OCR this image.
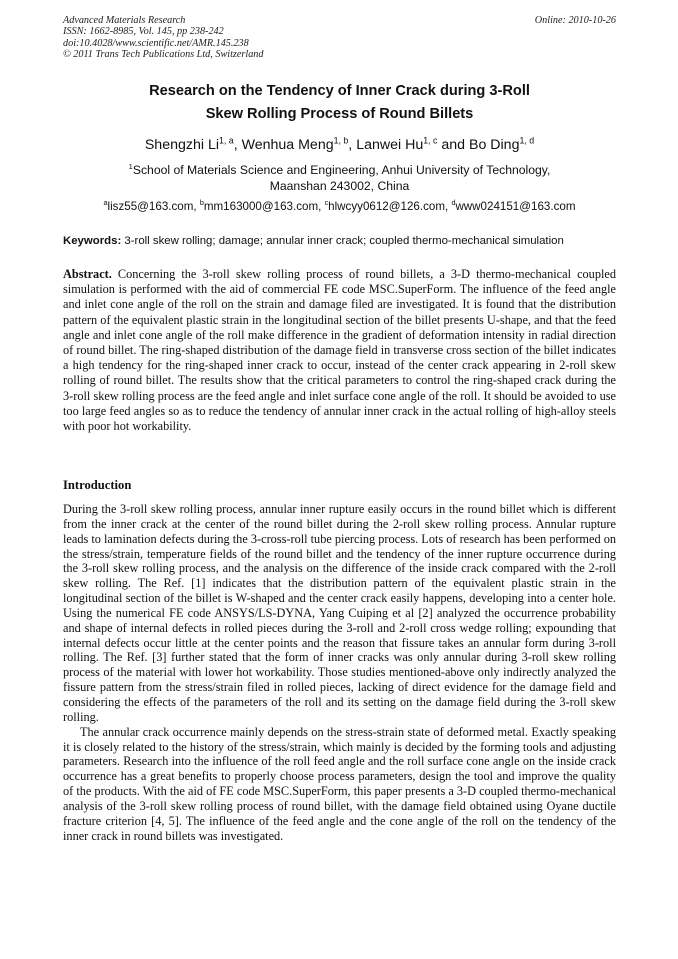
Advanced Materials Research
ISSN: 1662-8985, Vol. 145, pp 238-242
doi:10.4028/www.scientific.net/AMR.145.238
© 2011 Trans Tech Publications Ltd, Switzerland
Online: 2010-10-26
Research on the Tendency of Inner Crack during 3-Roll
Skew Rolling Process of Round Billets
Shengzhi Li$^{1, a}$, Wenhua Meng$^{1, b}$, Lanwei Hu$^{1, c}$ and Bo Ding$^{1, d}$
$^1$School of Materials Science and Engineering, Anhui University of Technology,
Maanshan 243002, China
$^a$lisz55@163.com, $^b$mm163000@163.com, $^c$hlwcyy0612@126.com, $^d$www024151@163.com
Keywords: 3-roll skew rolling; damage; annular inner crack; coupled thermo-mechanical simulation
Abstract. Concerning the 3-roll skew rolling process of round billets, a 3-D thermo-mechanical coupled simulation is performed with the aid of commercial FE code MSC.SuperForm. The influence of the feed angle and inlet cone angle of the roll on the strain and damage filed are investigated. It is found that the distribution pattern of the equivalent plastic strain in the longitudinal section of the billet presents U-shape, and that the feed angle and inlet cone angle of the roll make difference in the gradient of deformation intensity in radial direction of round billet. The ring-shaped distribution of the damage field in transverse cross section of the billet indicates a high tendency for the ring-shaped inner crack to occur, instead of the center crack appearing in 2-roll skew rolling of round billet. The results show that the critical parameters to control the ring-shaped crack during the 3-roll skew rolling process are the feed angle and inlet surface cone angle of the roll. It should be avoided to use too large feed angles so as to reduce the tendency of annular inner crack in the actual rolling of high-alloy steels with poor hot workability.
Introduction

During the 3-roll skew rolling process, annular inner rupture easily occurs in the round billet which is different from the inner crack at the center of the round billet during the 2-roll skew rolling process. Annular rupture leads to lamination defects during the 3-cross-roll tube piercing process. Lots of research has been performed on the stress/strain, temperature fields of the round billet and the tendency of the inner rupture occurrence during the 3-roll skew rolling process, and the analysis on the difference of the inside crack compared with the 2-roll skew rolling. The Ref. [1] indicates that the distribution pattern of the equivalent plastic strain in the longitudinal section of the billet is W-shaped and the center crack easily happens, developing into a center hole. Using the numerical FE code ANSYS/LS-DYNA, Yang Cuiping et al [2] analyzed the occurrence probability and shape of internal defects in rolled pieces during the 3-roll and 2-roll cross wedge rolling; expounding that internal defects occur little at the center points and the reason that fissure takes an annular form during 3-roll rolling. The Ref. [3] further stated that the form of inner cracks was only annular during 3-roll skew rolling process of the material with lower hot workability. Those studies mentioned-above only indirectly analyzed the fissure pattern from the stress/strain filed in rolled pieces, lacking of direct evidence for the damage field and considering the effects of the parameters of the roll and its setting on the damage field during the 3-roll skew rolling.

The annular crack occurrence mainly depends on the stress-strain state of deformed metal. Exactly speaking it is closely related to the history of the stress/strain, which mainly is decided by the forming tools and adjusting parameters. Research into the influence of the roll feed angle and the roll surface cone angle on the inside crack occurrence has a great benefits to properly choose process parameters, design the tool and improve the quality of the products. With the aid of FE code MSC.SuperForm, this paper presents a 3-D coupled thermo-mechanical analysis of the 3-roll skew rolling process of round billet, with the damage field obtained using Oyane ductile fracture criterion [4, 5]. The influence of the feed angle and the cone angle of the roll on the tendency of the inner crack in round billets was investigated.
